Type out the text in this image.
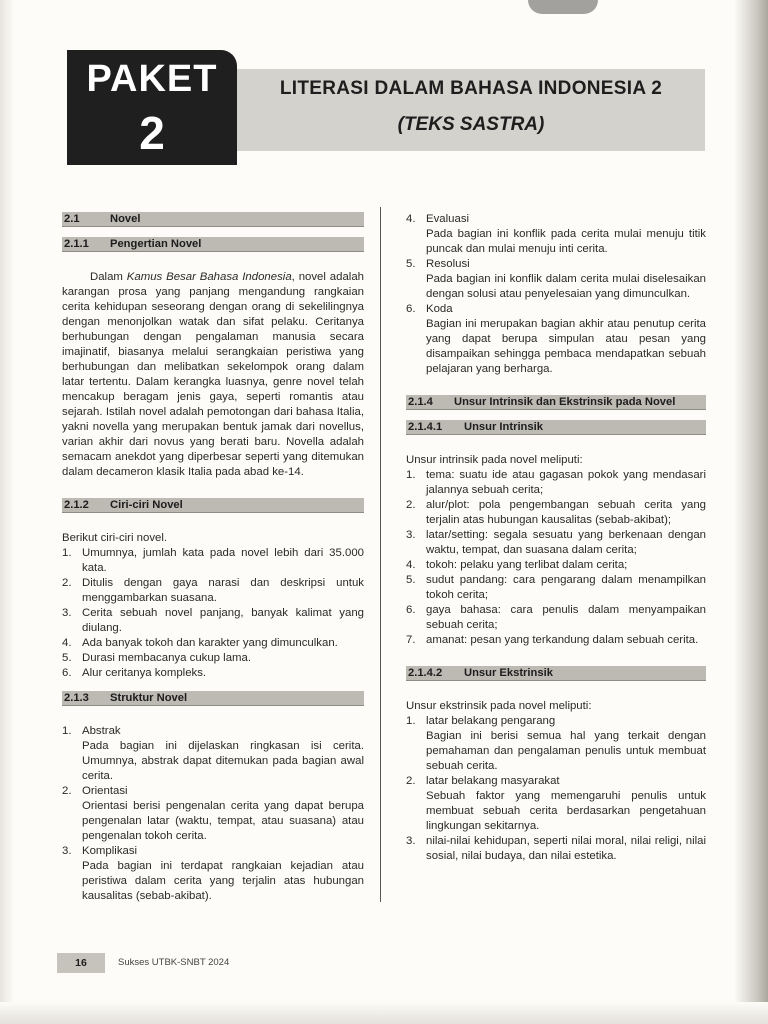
PAKET
2
LITERASI DALAM BAHASA INDONESIA 2
(TEKS SASTRA)
2.1	Novel
2.1.1 Pengertian Novel

Dalam Kamus Besar Bahasa Indonesia, novel adalah karangan prosa yang panjang mengandung rangkaian cerita kehidupan seseorang dengan orang di sekelilingnya dengan menonjolkan watak dan sifat pelaku. Ceritanya berhubungan dengan pengalaman manusia secara imajinatif, biasanya melalui serangkaian peristiwa yang berhubungan dan melibatkan sekelompok orang dalam latar tertentu. Dalam kerangka luasnya, genre novel telah mencakup beragam jenis gaya, seperti romantis atau sejarah. Istilah novel adalah pemotongan dari bahasa Italia, yakni novella yang merupakan bentuk jamak dari novellus, varian akhir dari novus yang berati baru. Novella adalah semacam anekdot yang diperbesar seperti yang ditemukan dalam decameron klasik Italia pada abad ke-14.

2.1.2 Ciri-ciri Novel

Berikut ciri-ciri novel.

1. Umumnya, jumlah kata pada novel lebih dari 35.000 kata.
2. Ditulis dengan gaya narasi dan deskripsi untuk menggambarkan suasana.
3. Cerita sebuah novel panjang, banyak kalimat yang diulang.
4. Ada banyak tokoh dan karakter yang dimunculkan.
5. Durasi membacanya cukup lama.
6. Alur ceritanya kompleks.
2.1.3 Struktur Novel
1. Abstrak
Pada bagian ini dijelaskan ringkasan isi cerita. Umumnya, abstrak dapat ditemukan pada bagian awal cerita.
2. Orientasi
Orientasi berisi pengenalan cerita yang dapat berupa pengenalan latar (waktu, tempat, atau suasana) atau pengenalan tokoh cerita.
3. Komplikasi
Pada bagian ini terdapat rangkaian kejadian atau peristiwa dalam cerita yang terjalin atas hubungan kausalitas (sebab-akibat).
4. Evaluasi
Pada bagian ini konflik pada cerita mulai menuju titik puncak dan mulai menuju inti cerita.
5. Resolusi
Pada bagian ini konflik dalam cerita mulai diselesaikan dengan solusi atau penyelesaian yang dimunculkan.
6. Koda
Bagian ini merupakan bagian akhir atau penutup cerita yang dapat berupa simpulan atau pesan yang disampaikan sehingga pembaca mendapatkan sebuah pelajaran yang berharga.
2.1.4 Unsur Intrinsik dan Ekstrinsik pada Novel
2.1.4.1 Unsur Intrinsik

Unsur intrinsik pada novel meliputi:

1. tema: suatu ide atau gagasan pokok yang mendasari jalannya sebuah cerita;
2. alur/plot: pola pengembangan sebuah cerita yang terjalin atas hubungan kausalitas (sebab-akibat);
3. latar/setting: segala sesuatu yang berkenaan dengan waktu, tempat, dan suasana dalam cerita;
4. tokoh: pelaku yang terlibat dalam cerita;
5. sudut pandang: cara pengarang dalam menampilkan tokoh cerita;
6. gaya bahasa: cara penulis dalam menyampaikan sebuah cerita;
7. amanat: pesan yang terkandung dalam sebuah cerita.
2.1.4.2 Unsur Ekstrinsik

Unsur ekstrinsik pada novel meliputi:

1. latar belakang pengarang
Bagian ini berisi semua hal yang terkait dengan pemahaman dan pengalaman penulis untuk membuat sebuah cerita.
2. latar belakang masyarakat
Sebuah faktor yang memengaruhi penulis untuk membuat sebuah cerita berdasarkan pengetahuan lingkungan sekitarnya.
3. nilai-nilai kehidupan, seperti nilai moral, nilai religi, nilai sosial, nilai budaya, dan nilai estetika.
16	Sukses UTBK-SNBT 2024
